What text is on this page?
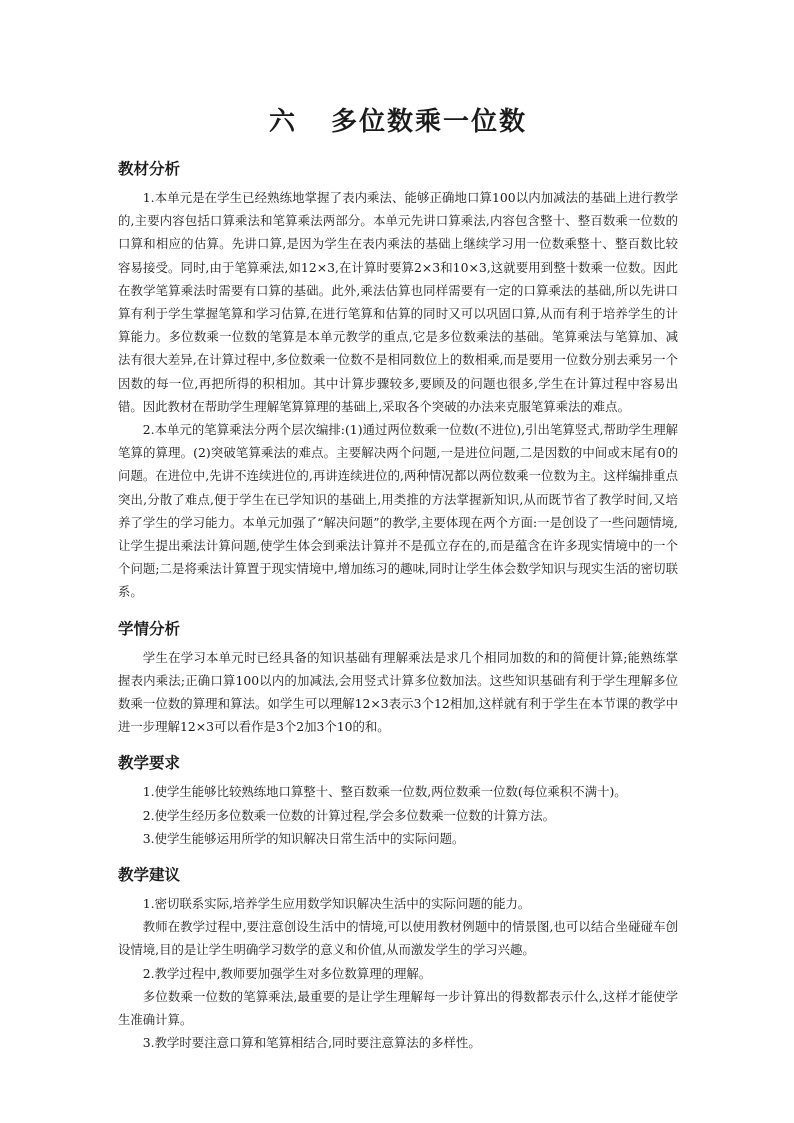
六 多位数乘一位数
教材分析

1.本单元是在学生已经熟练地掌握了表内乘法、能够正确地口算100以内加减法的基础上进行教学的,主要内容包括口算乘法和笔算乘法两部分。本单元先讲口算乘法,内容包含整十、整百数乘一位数的口算和相应的估算。先讲口算,是因为学生在表内乘法的基础上继续学习用一位数乘整十、整百数比较容易接受。同时,由于笔算乘法,如12×3,在计算时要算2×3和10×3,这就要用到整十数乘一位数。因此在教学笔算乘法时需要有口算的基础。此外,乘法估算也同样需要有一定的口算乘法的基础,所以先讲口算有利于学生掌握笔算和学习估算,在进行笔算和估算的同时又可以巩固口算,从而有利于培养学生的计算能力。多位数乘一位数的笔算是本单元教学的重点,它是多位数乘法的基础。笔算乘法与笔算加、减法有很大差异,在计算过程中,多位数乘一位数不是相同数位上的数相乘,而是要用一位数分别去乘另一个因数的每一位,再把所得的积相加。其中计算步骤较多,要顾及的问题也很多,学生在计算过程中容易出错。因此教材在帮助学生理解笔算算理的基础上,采取各个突破的办法来克服笔算乘法的难点。

2.本单元的笔算乘法分两个层次编排:(1)通过两位数乘一位数(不进位),引出笔算竖式,帮助学生理解笔算的算理。(2)突破笔算乘法的难点。主要解决两个问题,一是进位问题,二是因数的中间或末尾有0的问题。在进位中,先讲不连续进位的,再讲连续进位的,两种情况都以两位数乘一位数为主。这样编排重点突出,分散了难点,便于学生在已学知识的基础上,用类推的方法掌握新知识,从而既节省了教学时间,又培养了学生的学习能力。本单元加强了“解决问题”的教学,主要体现在两个方面:一是创设了一些问题情境,让学生提出乘法计算问题,使学生体会到乘法计算并不是孤立存在的,而是蕴含在许多现实情境中的一个个问题;二是将乘法计算置于现实情境中,增加练习的趣味,同时让学生体会数学知识与现实生活的密切联系。

学情分析

学生在学习本单元时已经具备的知识基础有理解乘法是求几个相同加数的和的简便计算;能熟练掌握表内乘法;正确口算100以内的加减法,会用竖式计算多位数加法。这些知识基础有利于学生理解多位数乘一位数的算理和算法。如学生可以理解12×3表示3个12相加,这样就有利于学生在本节课的教学中进一步理解12×3可以看作是3个2加3个10的和。

教学要求

1.使学生能够比较熟练地口算整十、整百数乘一位数,两位数乘一位数(每位乘积不满十)。

2.使学生经历多位数乘一位数的计算过程,学会多位数乘一位数的计算方法。

3.使学生能够运用所学的知识解决日常生活中的实际问题。

教学建议

1.密切联系实际,培养学生应用数学知识解决生活中的实际问题的能力。

教师在教学过程中,要注意创设生活中的情境,可以使用教材例题中的情景图,也可以结合坐碰碰车创设情境,目的是让学生明确学习数学的意义和价值,从而激发学生的学习兴趣。

2.教学过程中,教师要加强学生对多位数算理的理解。

多位数乘一位数的笔算乘法,最重要的是让学生理解每一步计算出的得数都表示什么,这样才能使学生准确计算。

3.教学时要注意口算和笔算相结合,同时要注意算法的多样性。
